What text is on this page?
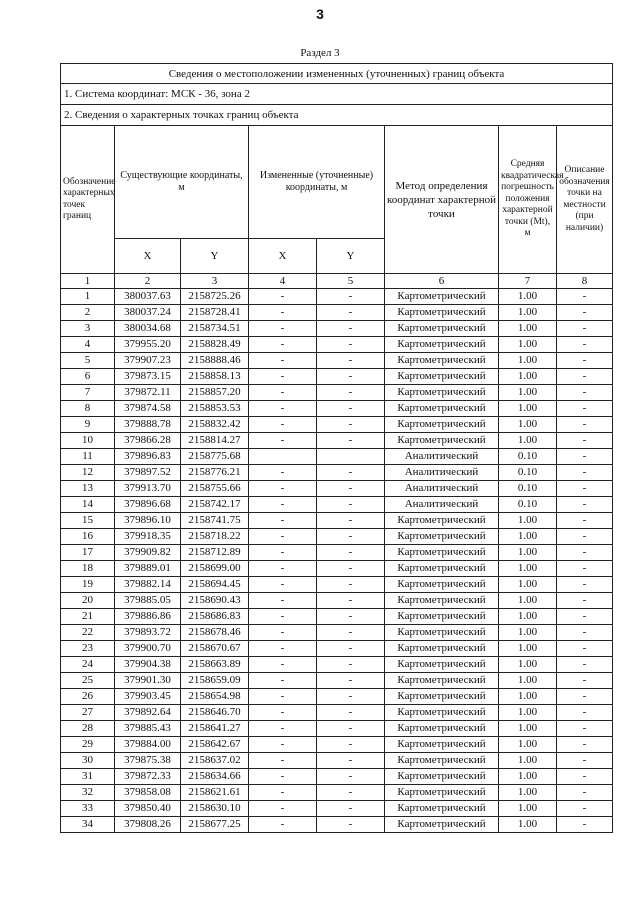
3
Раздел 3
Сведения о местоположении измененных (уточненных) границ объекта							
1. Система координат: МСК - 36, зона 2							
2. Сведения о характерных точках границ объекта							
Обозначение характерных точек границ	Существующие координаты, м		Измененные (уточненные) координаты, м		Метод определения координат характерной точки	Средняя квадратическая погрешность положения характерной точки (Mt), м	Описание обозначения точки на местности (при наличии)
	X	Y	X	Y			
1	2	3	4	5	6	7	8
1	380037.63	2158725.26	-	-	Картометрический	1.00	-
2	380037.24	2158728.41	-	-	Картометрический	1.00	-
3	380034.68	2158734.51	-	-	Картометрический	1.00	-
4	379955.20	2158828.49	-	-	Картометрический	1.00	-
5	379907.23	2158888.46	-	-	Картометрический	1.00	-
6	379873.15	2158858.13	-	-	Картометрический	1.00	-
7	379872.11	2158857.20	-	-	Картометрический	1.00	-
8	379874.58	2158853.53	-	-	Картометрический	1.00	-
9	379888.78	2158832.42	-	-	Картометрический	1.00	-
10	379866.28	2158814.27	-	-	Картометрический	1.00	-
11	379896.83	2158775.68			Аналитический	0.10	-
12	379897.52	2158776.21	-	-	Аналитический	0.10	-
13	379913.70	2158755.66	-	-	Аналитический	0.10	-
14	379896.68	2158742.17	-	-	Аналитический	0.10	-
15	379896.10	2158741.75	-	-	Картометрический	1.00	-
16	379918.35	2158718.22	-	-	Картометрический	1.00	-
17	379909.82	2158712.89	-	-	Картометрический	1.00	-
18	379889.01	2158699.00	-	-	Картометрический	1.00	-
19	379882.14	2158694.45	-	-	Картометрический	1.00	-
20	379885.05	2158690.43	-	-	Картометрический	1.00	-
21	379886.86	2158686.83	-	-	Картометрический	1.00	-
22	379893.72	2158678.46	-	-	Картометрический	1.00	-
23	379900.70	2158670.67	-	-	Картометрический	1.00	-
24	379904.38	2158663.89	-	-	Картометрический	1.00	-
25	379901.30	2158659.09	-	-	Картометрический	1.00	-
26	379903.45	2158654.98	-	-	Картометрический	1.00	-
27	379892.64	2158646.70	-	-	Картометрический	1.00	-
28	379885.43	2158641.27	-	-	Картометрический	1.00	-
29	379884.00	2158642.67	-	-	Картометрический	1.00	-
30	379875.38	2158637.02	-	-	Картометрический	1.00	-
31	379872.33	2158634.66	-	-	Картометрический	1.00	-
32	379858.08	2158621.61	-	-	Картометрический	1.00	-
33	379850.40	2158630.10	-	-	Картометрический	1.00	-
34	379808.26	2158677.25	-	-	Картометрический	1.00	-
